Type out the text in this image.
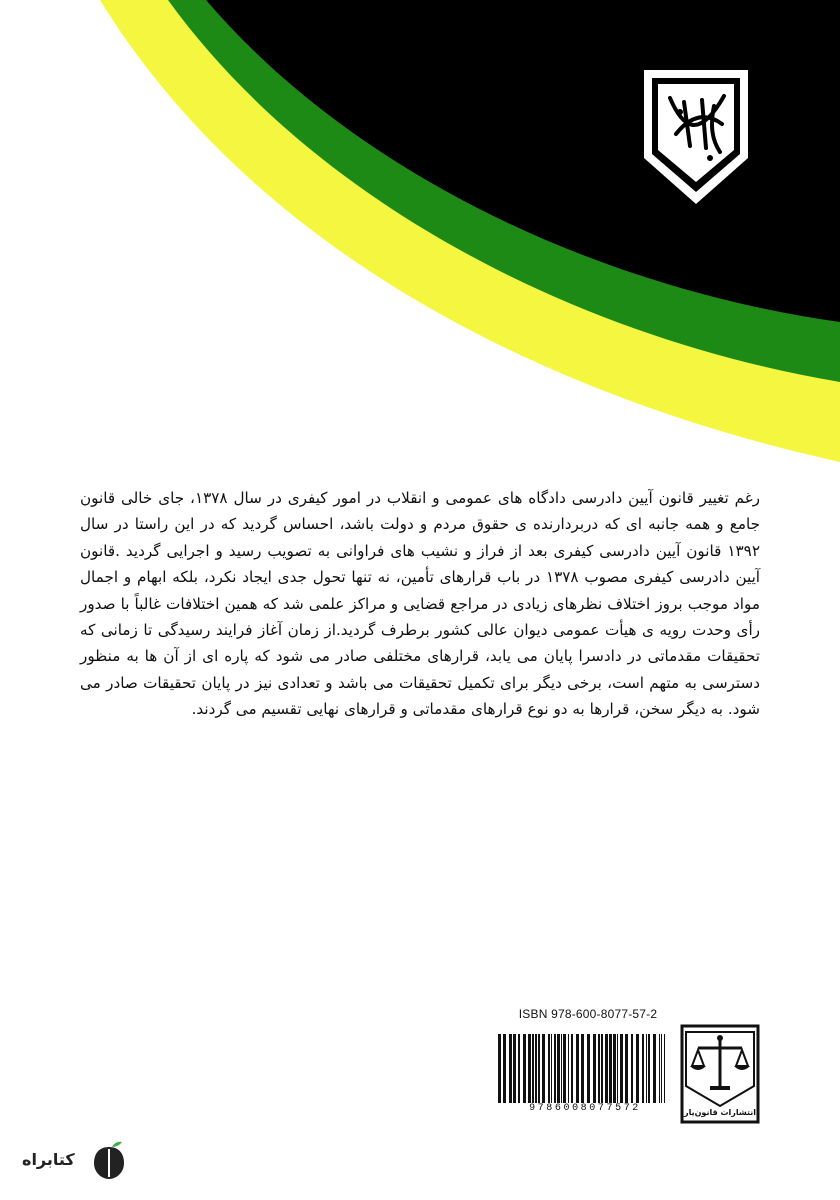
رغم تغییر قانون آیین دادرسی دادگاه های عمومی و انقلاب در امور کیفری در سال ۱۳۷۸، جای خالی قانون جامع و همه جانبه ای که دربردارنده ی حقوق مردم و دولت باشد، احساس گردید که در این راستا در سال ۱۳۹۲ قانون آیین دادرسی کیفری بعد از فراز و نشیب های فراوانی به تصویب رسید و اجرایی گردید .قانون آیین دادرسی کیفری مصوب ۱۳۷۸ در باب قرارهای تأمین، نه تنها تحول جدی ایجاد نکرد، بلکه ابهام و اجمال مواد موجب بروز اختلاف نظرهای زیادی در مراجع قضایی و مراکز علمی شد که همین اختلافات غالباً با صدور رأی وحدت رویه ی هیأت عمومی دیوان عالی کشور برطرف گردید.از زمان آغاز فرایند رسیدگی تا زمانی که تحقیقات مقدماتی در دادسرا پایان می یابد، قرارهای مختلفی صادر می شود که پاره ای از آن ها به منظور دسترسی به متهم است، برخی دیگر برای تکمیل تحقیقات می باشد و تعدادی نیز در پایان تحقیقات صادر می شود. به دیگر سخن، قرارها به دو نوع قرارهای مقدماتی و قرارهای نهایی تقسیم می گردند.
ISBN 978-600-8077-57-2
9786008077572	انتشارات قانون‌یار
کتابراه
